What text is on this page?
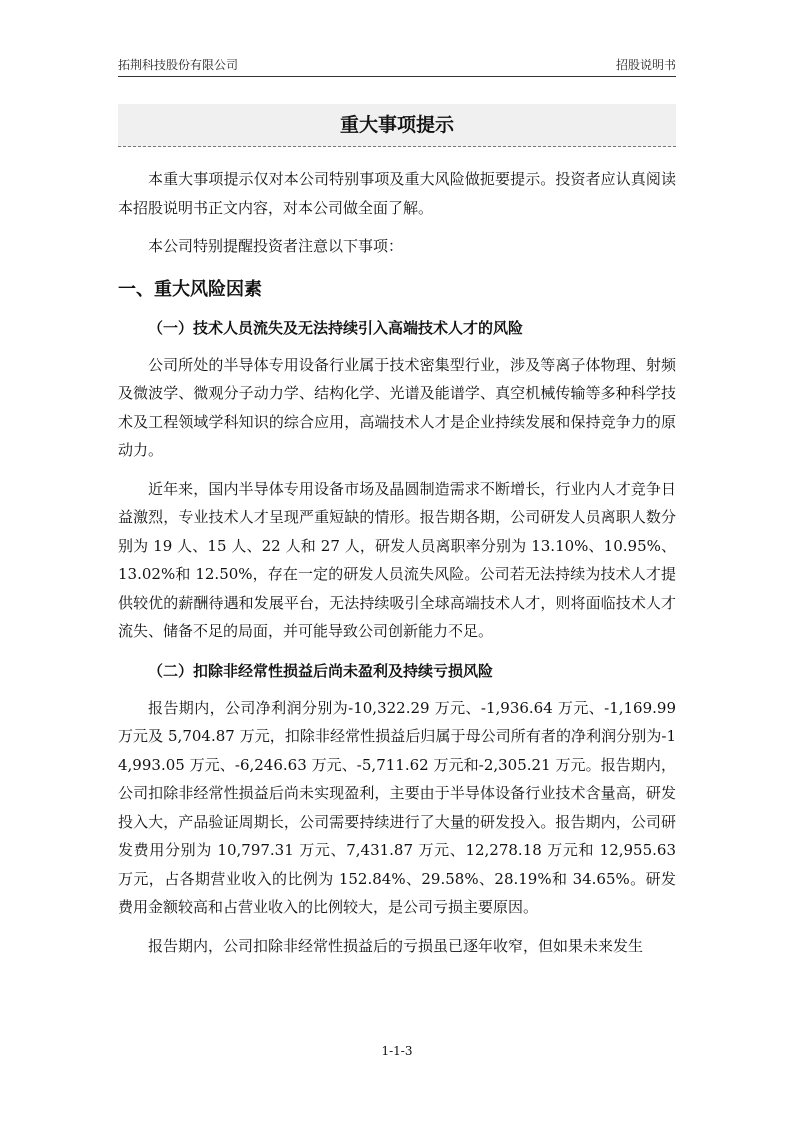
拓荆科技股份有限公司	招股说明书
重大事项提示

本重大事项提示仅对本公司特别事项及重大风险做扼要提示。投资者应认真阅读本招股说明书正文内容，对本公司做全面了解。

本公司特别提醒投资者注意以下事项：

一、重大风险因素
（一）技术人员流失及无法持续引入高端技术人才的风险

公司所处的半导体专用设备行业属于技术密集型行业，涉及等离子体物理、射频及微波学、微观分子动力学、结构化学、光谱及能谱学、真空机械传输等多种科学技术及工程领域学科知识的综合应用，高端技术人才是企业持续发展和保持竞争力的原动力。

近年来，国内半导体专用设备市场及晶圆制造需求不断增长，行业内人才竞争日益激烈，专业技术人才呈现严重短缺的情形。报告期各期，公司研发人员离职人数分别为 19 人、15 人、22 人和 27 人，研发人员离职率分别为 13.10%、10.95%、13.02%和 12.50%，存在一定的研发人员流失风险。公司若无法持续为技术人才提供较优的薪酬待遇和发展平台，无法持续吸引全球高端技术人才，则将面临技术人才流失、储备不足的局面，并可能导致公司创新能力不足。

（二）扣除非经常性损益后尚未盈利及持续亏损风险

报告期内，公司净利润分别为-10,322.29 万元、-1,936.64 万元、-1,169.99 万元及 5,704.87 万元，扣除非经常性损益后归属于母公司所有者的净利润分别为-14,993.05 万元、-6,246.63 万元、-5,711.62 万元和-2,305.21 万元。报告期内，公司扣除非经常性损益后尚未实现盈利，主要由于半导体设备行业技术含量高，研发投入大，产品验证周期长，公司需要持续进行了大量的研发投入。报告期内，公司研发费用分别为 10,797.31 万元、7,431.87 万元、12,278.18 万元和 12,955.63 万元，占各期营业收入的比例为 152.84%、29.58%、28.19%和 34.65%。研发费用金额较高和占营业收入的比例较大，是公司亏损主要原因。

报告期内，公司扣除非经常性损益后的亏损虽已逐年收窄，但如果未来发生

1-1-3
